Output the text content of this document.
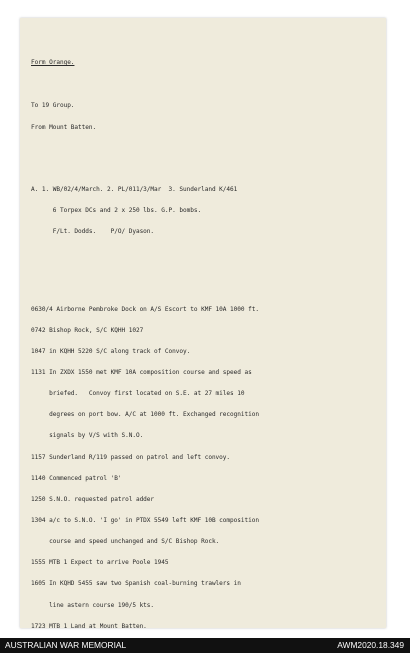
Form Orange.

To 19 Group.

From Mount Batten.

A. 1. WB/02/4/March. 2. PL/011/3/Mar  3. Sunderland K/461

6 Torpex DCs and 2 x 250 lbs. G.P. bombs.

F/Lt. Dodds.    P/O/ Dyason.

0630/4 Airborne Pembroke Dock on A/S Escort to KMF 10A 1000 ft.

0742 Bishop Rock, S/C KQHH 1027

1047 in KQHH 5220 S/C along track of Convoy.

1131 In ZXDX 1550 met KMF 10A composition course and speed as

briefed.   Convoy first located on S.E. at 27 miles 10

degrees on port bow. A/C at 1000 ft. Exchanged recognition

signals by V/S with S.N.O.

1157 Sunderland R/119 passed on patrol and left convoy.

1140 Commenced patrol 'B'

1250 S.N.O. requested patrol adder

1304 a/c to S.N.O. 'I go' in PTDX 5549 left KMF 10B composition

course and speed unchanged and S/C Bishop Rock.

1555 MTB 1 Expect to arrive Poole 1945

1605 In KQHD 5455 saw two Spanish coal-burning trawlers in

line astern course 190/5 kts.

1723 MTB 1 Land at Mount Batten.

AUSTRALIAN WAR MEMORIAL	AWM2020.18.349
